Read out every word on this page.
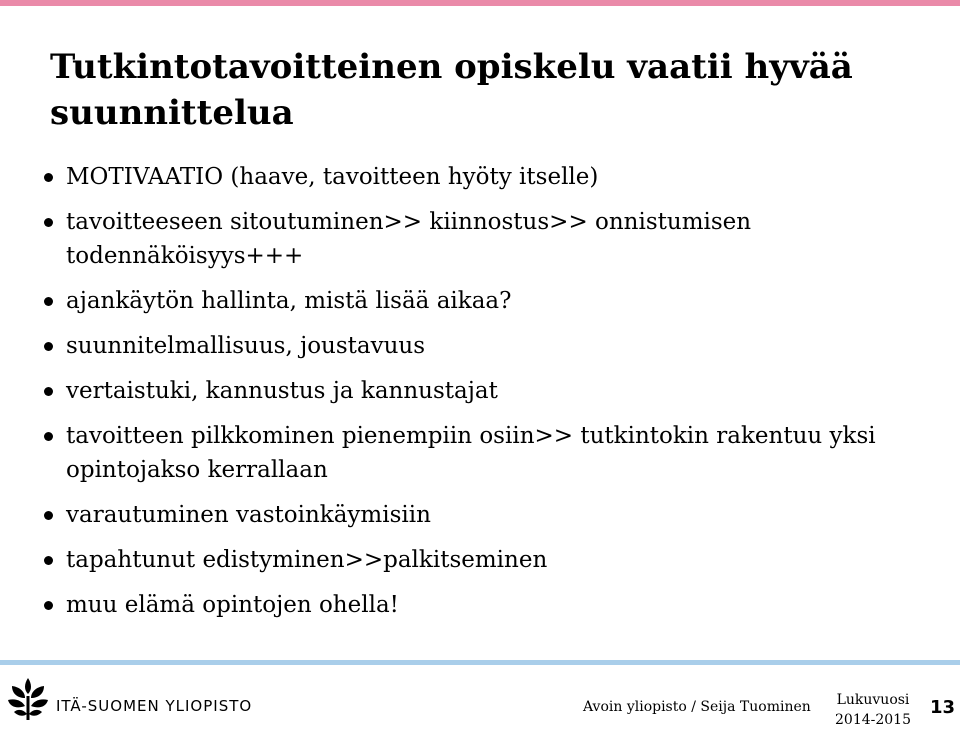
Tutkintotavoitteinen opiskelu vaatii hyvää suunnittelua
MOTIVAATIO (haave, tavoitteen hyöty itselle)
tavoitteeseen sitoutuminen>> kiinnostus>> onnistumisen todennäköisyys+++
ajankäytön hallinta, mistä lisää aikaa?
suunnitelmallisuus, joustavuus
vertaistuki, kannustus ja kannustajat
tavoitteen pilkkominen pienempiin osiin>> tutkintokin rakentuu yksi opintojakso kerrallaan
varautuminen vastoinkäymisiin
tapahtunut edistyminen>>palkitseminen
muu elämä opintojen ohella!
ITÄ-SUOMEN YLIOPISTO	Avoin yliopisto / Seija Tuominen	Lukuvuosi
2014-2015
13
